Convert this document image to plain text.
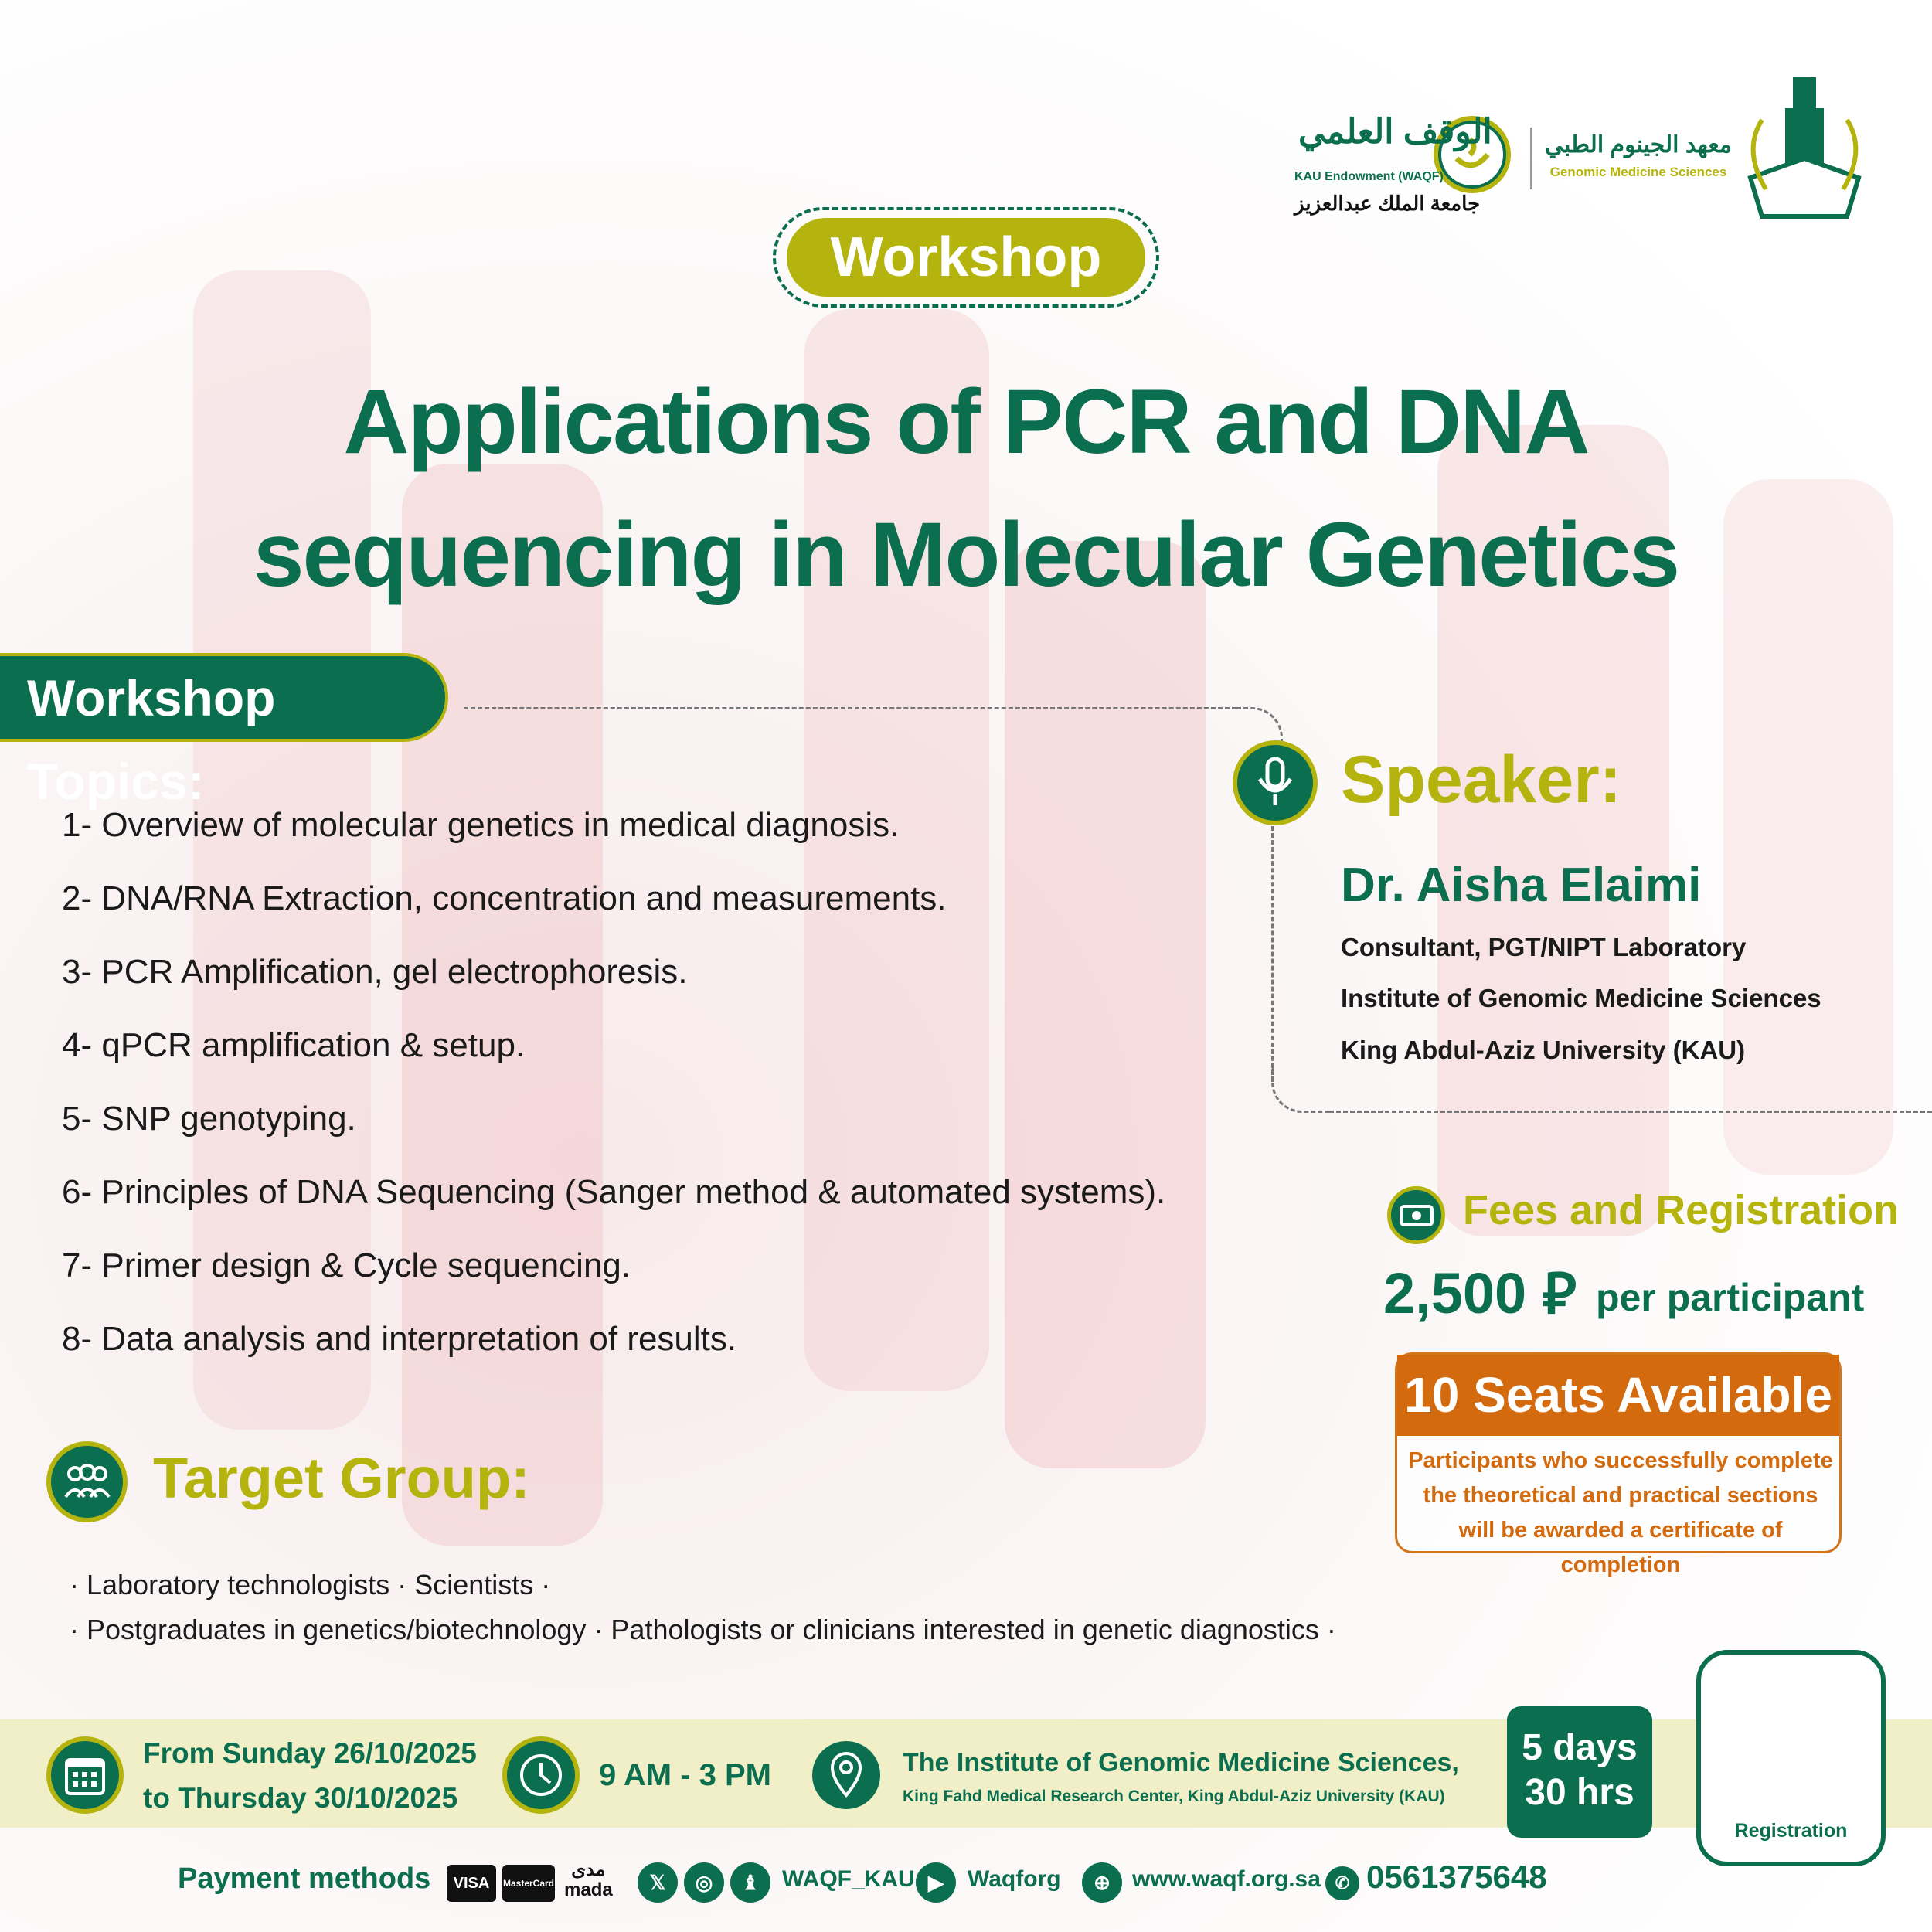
الوقف العلمي
KAU Endowment (WAQF)
جامعة الملك عبدالعزيز
معهد الجينوم الطبي
Genomic Medicine Sciences
Workshop
Applications of PCR and DNA
sequencing in Molecular Genetics
Workshop Topics:
1- Overview of molecular genetics in medical diagnosis.
2- DNA/RNA Extraction, concentration and measurements.
3- PCR Amplification, gel electrophoresis.
4- qPCR amplification & setup.
5- SNP genotyping.
6- Principles of DNA Sequencing (Sanger method & automated systems).
7- Primer design & Cycle sequencing.
8- Data analysis and interpretation of results.
Speaker:
Dr. Aisha Elaimi
Consultant, PGT/NIPT Laboratory
Institute of Genomic Medicine Sciences
King Abdul-Aziz University (KAU)
Fees and Registration
2,500 ⃁ per participant
10 Seats Available
Participants who successfully complete the theoretical and practical sections will be awarded a certificate of completion
Target Group:
· Laboratory technologists · Scientists ·
· Postgraduates in genetics/biotechnology · Pathologists or clinicians interested in genetic diagnostics ·
From Sunday 26/10/2025
to Thursday 30/10/2025
9 AM - 3 PM	The Institute of Genomic Medicine Sciences,
King Fahd Medical Research Center, King Abdul-Aziz University (KAU)
5 days
30 hrs
Registration
Payment methods	VISA	MasterCard
مدى
mada	𝕏	◎	♝ WAQF_KAU ▶	Waqforg	⊕ www.waqf.org.sa ✆ 0561375648
